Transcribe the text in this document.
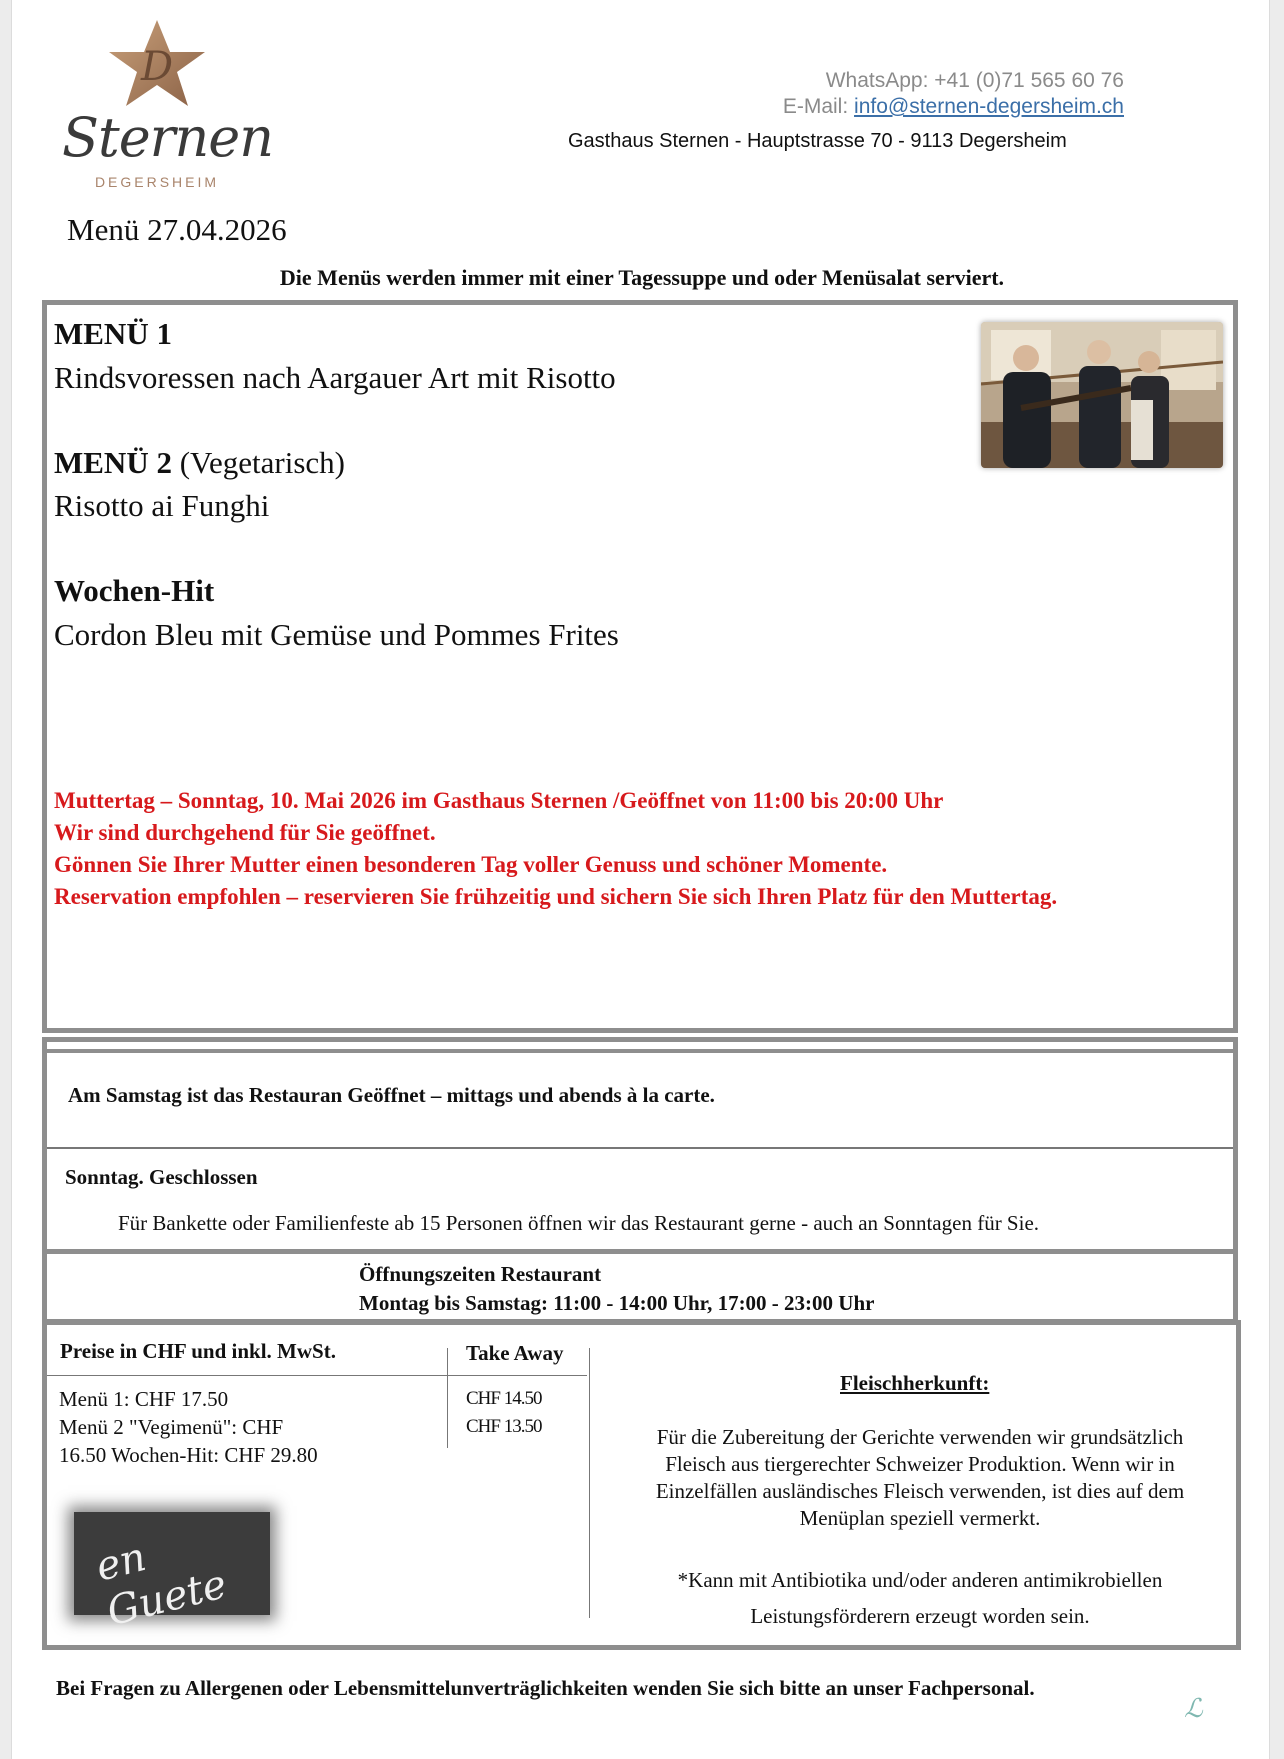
D
Sternen
DEGERSHEIM
WhatsApp: +41 (0)71 565 60 76
E-Mail: info@sternen-degersheim.ch
Gasthaus Sternen - Hauptstrasse 70 - 9113 Degersheim
Menü 27.04.2026
Die Menüs werden immer mit einer Tagessuppe und oder Menüsalat serviert.
MENÜ 1
Rindsvoressen nach Aargauer Art mit Risotto
MENÜ 2 (Vegetarisch)
Risotto ai Funghi
Wochen-Hit
Cordon Bleu mit Gemüse und Pommes Frites
Muttertag – Sonntag, 10. Mai 2026 im Gasthaus Sternen /Geöffnet von 11:00 bis 20:00 Uhr
Wir sind durchgehend für Sie geöffnet.
Gönnen Sie Ihrer Mutter einen besonderen Tag voller Genuss und schöner Momente.
Reservation empfohlen – reservieren Sie frühzeitig und sichern Sie sich Ihren Platz für den Muttertag.
Am Samstag ist das Restauran Geöffnet – mittags und abends à la carte.
Sonntag. Geschlossen
Für Bankette oder Familienfeste ab 15 Personen öffnen wir das Restaurant gerne - auch an Sonntagen für Sie.
Öffnungszeiten Restaurant
Montag bis Samstag: 11:00 - 14:00 Uhr, 17:00 - 23:00 Uhr
Preise in CHF und inkl. MwSt.	Take Away
Menü 1: CHF 17.50
Menü 2 "Vegimenü": CHF
16.50 Wochen-Hit: CHF 29.80
CHF 14.50
CHF 13.50
en Guete
Fleischherkunft:
Für die Zubereitung der Gerichte verwenden wir grundsätzlich Fleisch aus tiergerechter Schweizer Produktion. Wenn wir in Einzelfällen ausländisches Fleisch verwenden, ist dies auf dem Menüplan speziell vermerkt.
*Kann mit Antibiotika und/oder anderen antimikrobiellen
Leistungsförderern erzeugt worden sein.
Bei Fragen zu Allergenen oder Lebensmittelunverträglichkeiten wenden Sie sich bitte an unser Fachpersonal.
ℒ
